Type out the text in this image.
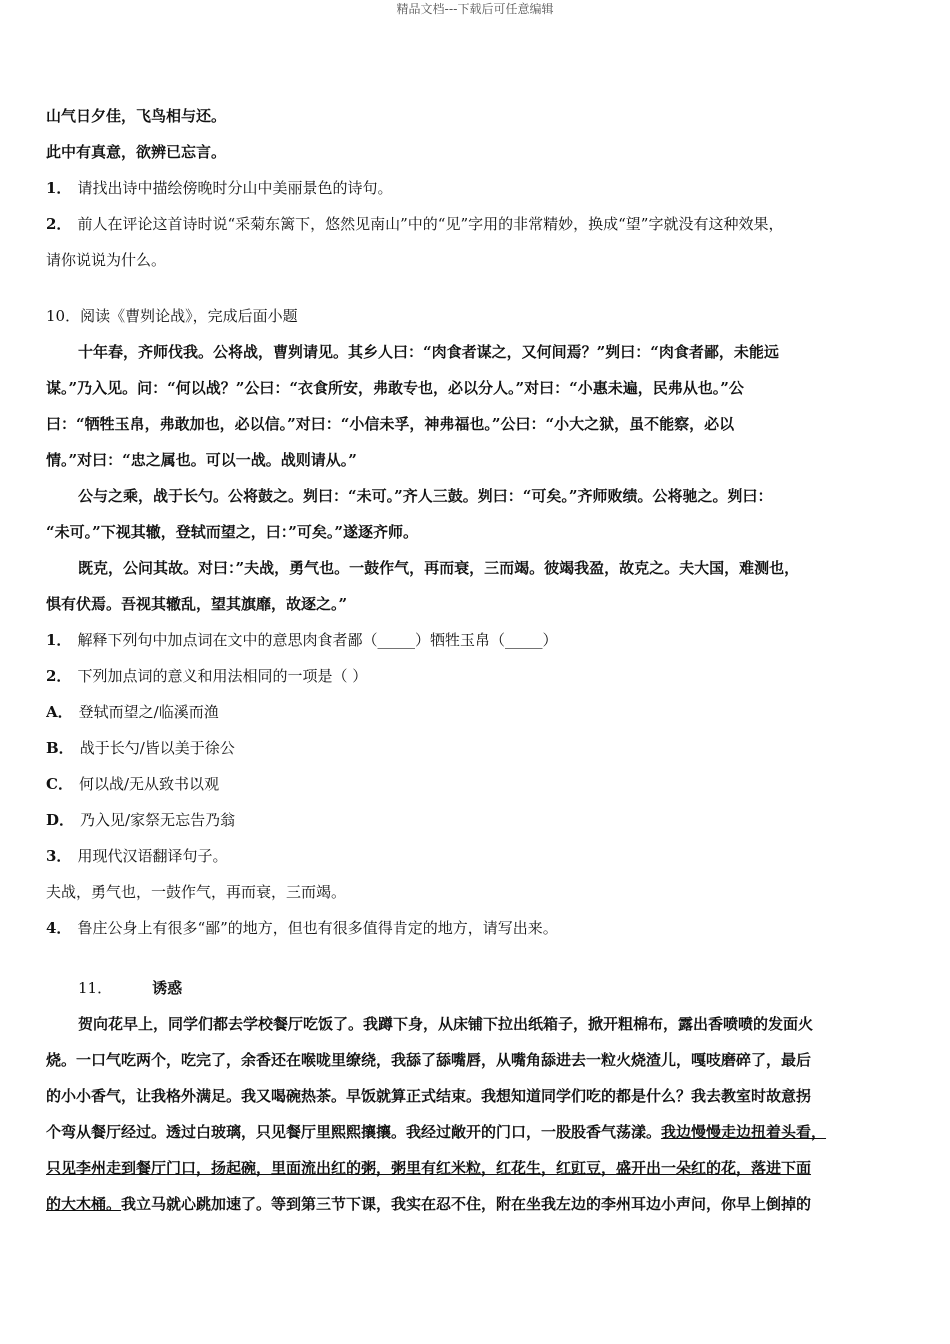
精品文档---下载后可任意编辑
山气日夕佳，飞鸟相与还。
此中有真意，欲辨已忘言。
1． 请找出诗中描绘傍晚时分山中美丽景色的诗句。
2． 前人在评论这首诗时说“采菊东篱下，悠然见南山”中的“见”字用的非常精妙，换成“望”字就没有这种效果，
请你说说为什么。
10．阅读《曹刿论战》，完成后面小题
十年春，齐师伐我。公将战，曹刿请见。其乡人曰：“肉食者谋之，又何间焉？”刿曰：“肉食者鄙，未能远
谋。”乃入见。问：“何以战？”公曰：“衣食所安，弗敢专也，必以分人。”对曰：“小惠未遍，民弗从也。”公
曰：“牺牲玉帛，弗敢加也，必以信。”对曰：“小信未孚，神弗福也。”公曰：“小大之狱，虽不能察，必以
情。”对曰：“忠之属也。可以一战。战则请从。”
公与之乘，战于长勺。公将鼓之。刿曰：“未可。”齐人三鼓。刿曰：“可矣。”齐师败绩。公将驰之。刿曰：
“未可。”下视其辙，登轼而望之，曰：”可矣。”遂逐齐师。
既克，公问其故。对曰：”夫战，勇气也。一鼓作气，再而衰，三而竭。彼竭我盈，故克之。夫大国，难测也，
惧有伏焉。吾视其辙乱，望其旗靡，故逐之。”
1． 解释下列句中加点词在文中的意思肉食者· 鄙（_____）· 牺牲玉帛（_____）
2． 下列加点词的意义和用法相同的一项是（ ）
A． 登轼· 而望之/临溪· 而渔
B． 战· 于长勺/皆以美· 于徐公
C． 何· 以战/无从致书· 以观
D．· 乃入见/家祭无忘告· 乃翁
3． 用现代汉语翻译句子。
夫战，勇气也，一鼓作气，再而衰，三而竭。
4． 鲁庄公身上有很多“鄙”的地方，但也有很多值得肯定的地方，请写出来。
11．	诱惑
贺向花早上，同学们都去学校餐厅吃饭了。我蹲下身，从床铺下拉出纸箱子，掀开粗棉布，露出香喷喷的发面火
烧。一口气吃两个，吃完了，余香还在喉咙里缭绕，我舔了舔嘴唇，从嘴角舔进去一粒火烧渣儿，嘎吱磨碎了，最后
的小小香气，让我格外满足。我又喝碗热茶。早饭就算正式结束。我想知道同学们吃的都是什么？我去教室时故意拐
个弯从餐厅经过。透过白玻璃，只见餐厅里熙熙攘攘。我经过敞开的门口，一股股香气荡漾。我边慢慢走边扭着头看，
只见李州走到餐厅门口，扬起碗，里面流出红的粥，粥里有红米粒，红花生，红豇豆，盛开出一朵红的花，落进下面
的大木桶。我立马就心跳加速了。等到第三节下课，我实在忍不住，附在坐我左边的李州耳边小声问，你早上倒掉的
